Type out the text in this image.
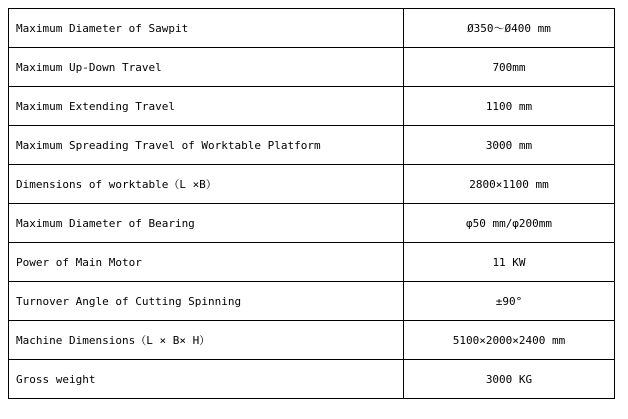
Maximum Diameter of Sawpit	Ø350～Ø400 mm
Maximum Up-Down Travel	700mm
Maximum Extending Travel	1100 mm
Maximum Spreading Travel of Worktable Platform	3000 mm
Dimensions of worktable（L ×B）	2800×1100 mm
Maximum Diameter of Bearing	φ50 mm/φ200mm
Power of Main Motor	11 KW
Turnover Angle of Cutting Spinning	±90°
Machine Dimensions（L × B× H）	5100×2000×2400 mm
Gross weight	3000 KG
